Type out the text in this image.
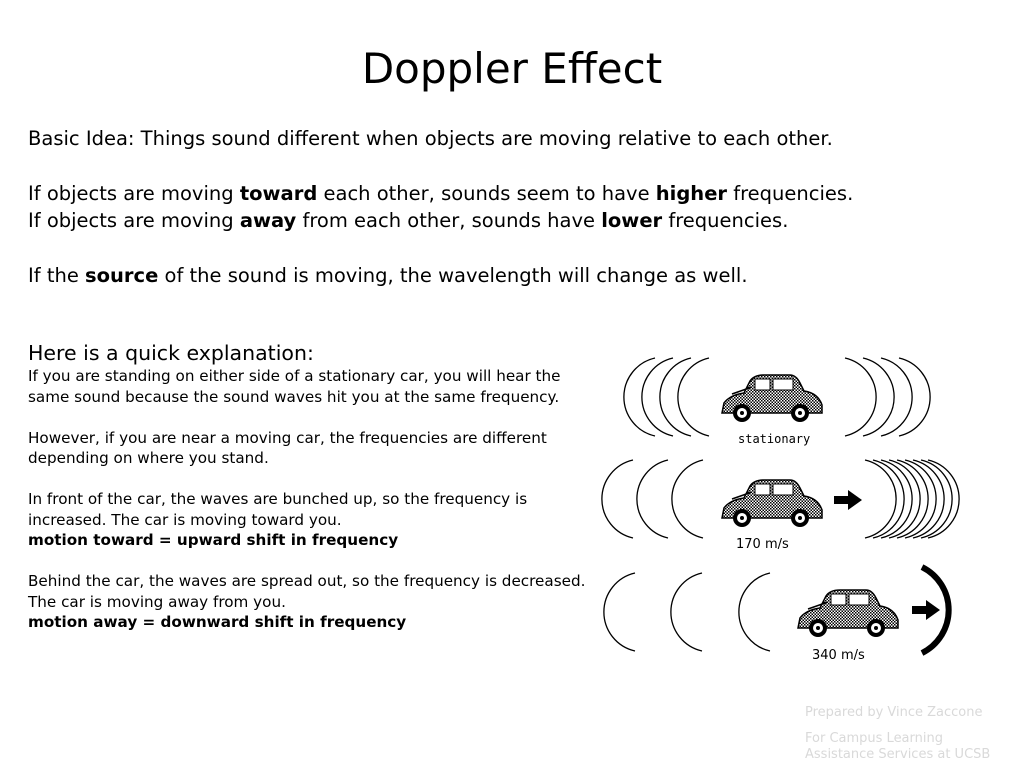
Doppler Effect

Basic Idea: Things sound different when objects are moving relative to each other.

If objects are moving toward each other, sounds seem to have higher frequencies.
If objects are moving away from each other, sounds have lower frequencies.

If the source of the sound is moving, the wavelength will change as well.

Here is a quick explanation:

If you are standing on either side of a stationary car, you will hear the same sound because the sound waves hit you at the same frequency.
However, if you are near a moving car, the frequencies are different depending on where you stand.
In front of the car, the waves are bunched up, so the frequency is increased. The car is moving toward you.
motion toward = upward shift in frequency
Behind the car, the waves are spread out, so the frequency is decreased. The car is moving away from you.
motion away = downward shift in frequency
stationary
170 m/s
340 m/s

Prepared by Vince Zaccone

For Campus Learning
Assistance Services at UCSB
